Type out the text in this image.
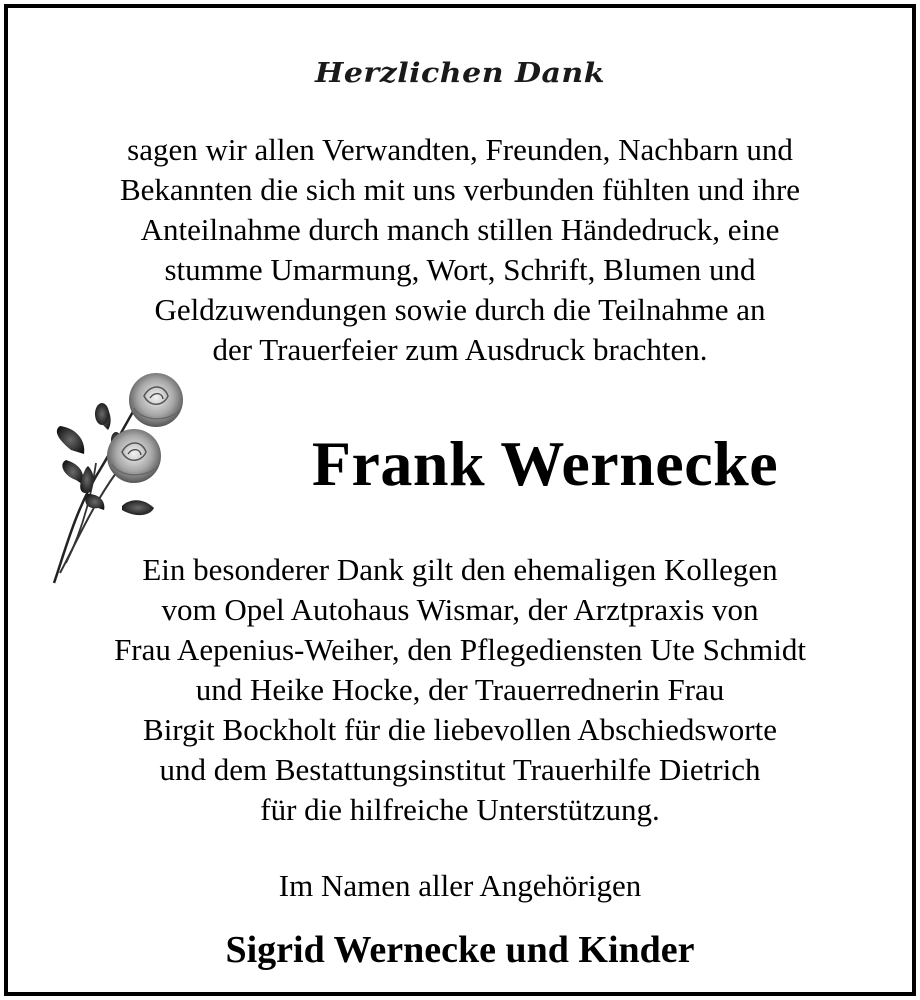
Herzlichen Dank
sagen wir allen Verwandten, Freunden, Nachbarn und
Bekannten die sich mit uns verbunden fühlten und ihre
Anteilnahme durch manch stillen Händedruck, eine
stumme Umarmung, Wort, Schrift, Blumen und
Geldzuwendungen sowie durch die Teilnahme an
der Trauerfeier zum Ausdruck brachten.
Frank Wernecke
Ein besonderer Dank gilt den ehemaligen Kollegen
vom Opel Autohaus Wismar, der Arztpraxis von
Frau Aepenius-Weiher, den Pflegediensten Ute Schmidt
und Heike Hocke, der Trauerrednerin Frau
Birgit Bockholt für die liebevollen Abschiedsworte
und dem Bestattungsinstitut Trauerhilfe Dietrich
für die hilfreiche Unterstützung.
Im Namen aller Angehörigen
Sigrid Wernecke und Kinder
